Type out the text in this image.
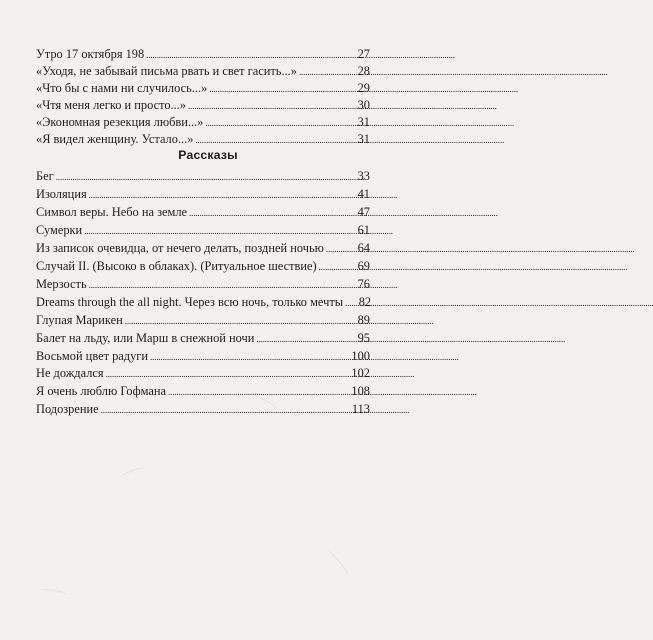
Утро 17 октября 198 . . .	27
«Уходя, не забывай письма рвать и свет гасить...» . . .	28
«Что бы с нами ни случилось...» . . .	29
«Чтя меня легко и просто...» . . .	30
«Экономная резекция любви...» . . .	31
«Я видел женщину. Устало...» . . .	31
Рассказы
Бег . . .	33
Изоляция . . .	41
Символ веры. Небо на земле . . .	47
Сумерки . . .	61
Из записок очевидца, от нечего делать, поздней ночью . . .	64
Случай II. (Высоко в облаках). (Ритуальное шествие) . . .	69
Мерзость . . .	76
Dreams through the all night. Через всю ночь, только мечты . . .	82
Глупая Марикен . . .	89
Балет на льду, или Марш в снежной ночи . . .	95
Восьмой цвет радуги . . .	100
Не дождался . . .	102
Я очень люблю Гофмана . . .	108
Подозрение . . .	113
